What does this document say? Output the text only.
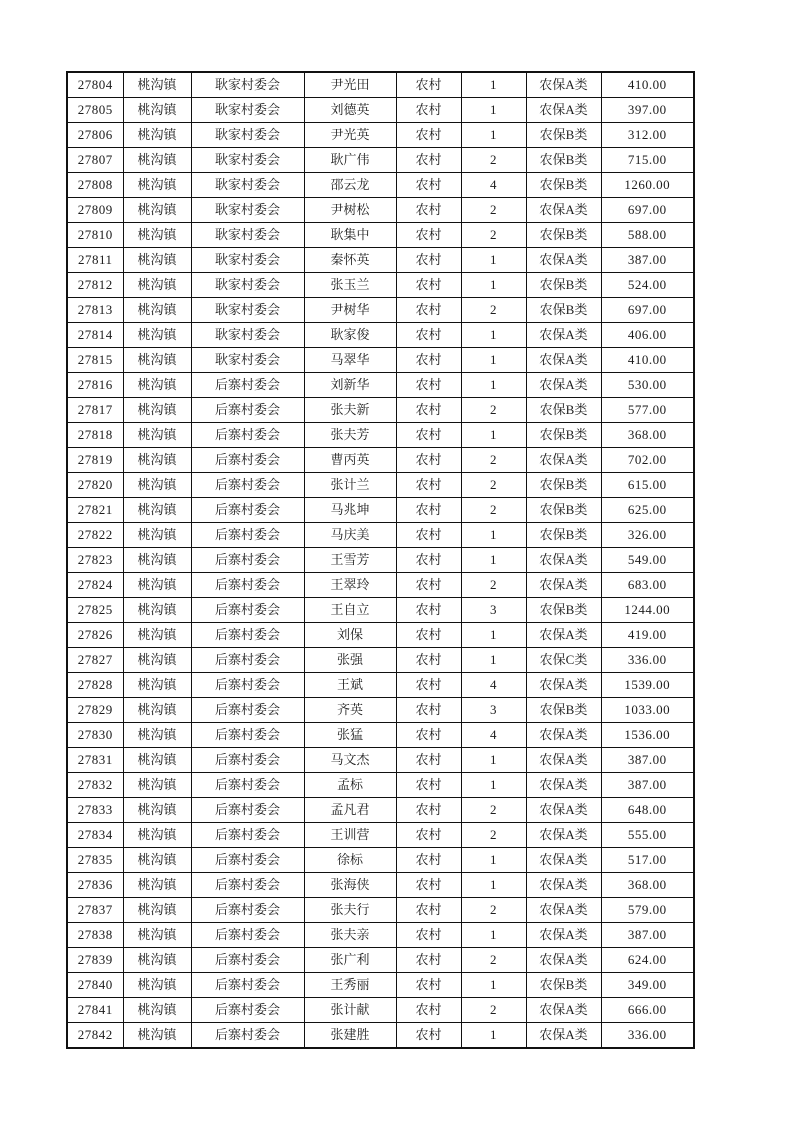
27804	桃沟镇	耿家村委会	尹光田	农村	1	农保A类	410.00
27805	桃沟镇	耿家村委会	刘德英	农村	1	农保A类	397.00
27806	桃沟镇	耿家村委会	尹光英	农村	1	农保B类	312.00
27807	桃沟镇	耿家村委会	耿广伟	农村	2	农保B类	715.00
27808	桃沟镇	耿家村委会	邵云龙	农村	4	农保B类	1260.00
27809	桃沟镇	耿家村委会	尹树松	农村	2	农保A类	697.00
27810	桃沟镇	耿家村委会	耿集中	农村	2	农保B类	588.00
27811	桃沟镇	耿家村委会	秦怀英	农村	1	农保A类	387.00
27812	桃沟镇	耿家村委会	张玉兰	农村	1	农保B类	524.00
27813	桃沟镇	耿家村委会	尹树华	农村	2	农保B类	697.00
27814	桃沟镇	耿家村委会	耿家俊	农村	1	农保A类	406.00
27815	桃沟镇	耿家村委会	马翠华	农村	1	农保A类	410.00
27816	桃沟镇	后寨村委会	刘新华	农村	1	农保A类	530.00
27817	桃沟镇	后寨村委会	张夫新	农村	2	农保B类	577.00
27818	桃沟镇	后寨村委会	张夫芳	农村	1	农保B类	368.00
27819	桃沟镇	后寨村委会	曹丙英	农村	2	农保A类	702.00
27820	桃沟镇	后寨村委会	张计兰	农村	2	农保B类	615.00
27821	桃沟镇	后寨村委会	马兆坤	农村	2	农保B类	625.00
27822	桃沟镇	后寨村委会	马庆美	农村	1	农保B类	326.00
27823	桃沟镇	后寨村委会	王雪芳	农村	1	农保A类	549.00
27824	桃沟镇	后寨村委会	王翠玲	农村	2	农保A类	683.00
27825	桃沟镇	后寨村委会	王自立	农村	3	农保B类	1244.00
27826	桃沟镇	后寨村委会	刘保	农村	1	农保A类	419.00
27827	桃沟镇	后寨村委会	张强	农村	1	农保C类	336.00
27828	桃沟镇	后寨村委会	王斌	农村	4	农保A类	1539.00
27829	桃沟镇	后寨村委会	齐英	农村	3	农保B类	1033.00
27830	桃沟镇	后寨村委会	张猛	农村	4	农保A类	1536.00
27831	桃沟镇	后寨村委会	马文杰	农村	1	农保A类	387.00
27832	桃沟镇	后寨村委会	孟标	农村	1	农保A类	387.00
27833	桃沟镇	后寨村委会	孟凡君	农村	2	农保A类	648.00
27834	桃沟镇	后寨村委会	王训营	农村	2	农保A类	555.00
27835	桃沟镇	后寨村委会	徐标	农村	1	农保A类	517.00
27836	桃沟镇	后寨村委会	张海侠	农村	1	农保A类	368.00
27837	桃沟镇	后寨村委会	张夫行	农村	2	农保A类	579.00
27838	桃沟镇	后寨村委会	张夫亲	农村	1	农保A类	387.00
27839	桃沟镇	后寨村委会	张广利	农村	2	农保A类	624.00
27840	桃沟镇	后寨村委会	王秀丽	农村	1	农保B类	349.00
27841	桃沟镇	后寨村委会	张计献	农村	2	农保A类	666.00
27842	桃沟镇	后寨村委会	张建胜	农村	1	农保A类	336.00
